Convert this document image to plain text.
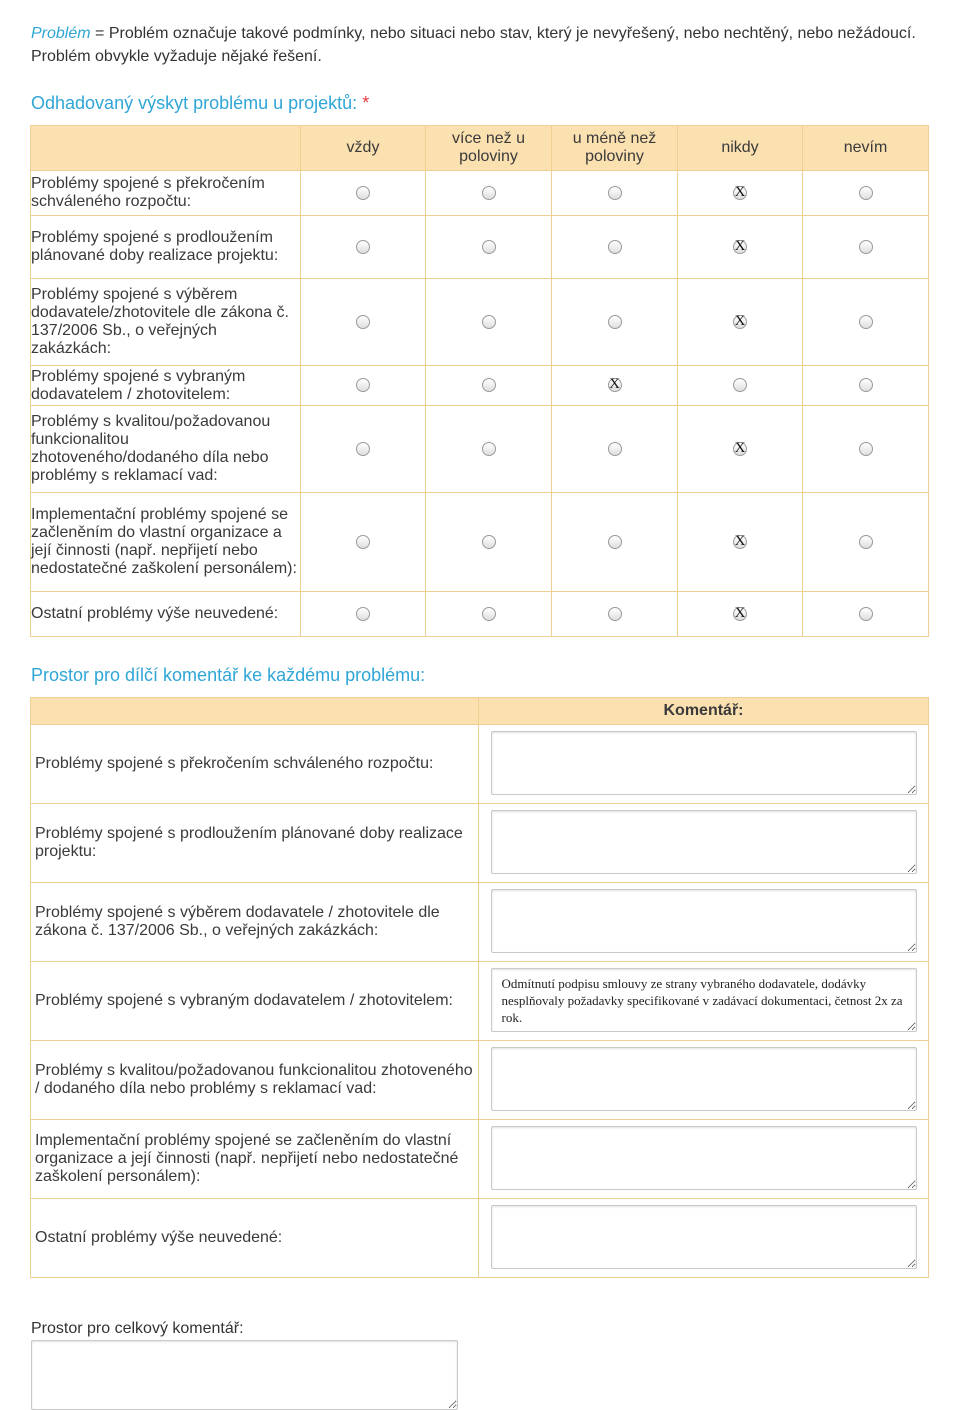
Problém = Problém označuje takové podmínky, nebo situaci nebo stav, který je nevyřešený, nebo nechtěný, nebo nežádoucí. Problém obvykle vyžaduje nějaké řešení.
Odhadovaný výskyt problému u projektů: *
	vždy	více než u poloviny	u méně než poloviny	nikdy	nevím
Problémy spojené s překročením schváleného rozpočtu:				X	
Problémy spojené s prodloužením plánované doby realizace projektu:				X	
Problémy spojené s výběrem dodavatele/zhotovitele dle zákona č. 137/2006 Sb., o veřejných zakázkách:				X	
Problémy spojené s vybraným dodavatelem / zhotovitelem:			X		
Problémy s kvalitou/požadovanou funkcionalitou zhotoveného/dodaného díla nebo problémy s reklamací vad:				X	
Implementační problémy spojené se začleněním do vlastní organizace a její činnosti (např. nepřijetí nebo nedostatečné zaškolení personálem):				X	
Ostatní problémy výše neuvedené:				X	
Prostor pro dílčí komentář ke každému problému:
	Komentář:
Problémy spojené s překročením schváleného rozpočtu:	

Problémy spojené s prodloužením plánované doby realizace projektu:	

Problémy spojené s výběrem dodavatele / zhotovitele dle zákona č. 137/2006 Sb., o veřejných zakázkách:	

Problémy spojené s vybraným dodavatelem / zhotovitelem:	
Odmítnutí podpisu smlouvy ze strany vybraného dodavatele, dodávky nesplňovaly požadavky specifikované v zadávací dokumentaci, četnost 2x za rok.
Problémy s kvalitou/požadovanou funkcionalitou zhotoveného / dodaného díla nebo problémy s reklamací vad:	

Implementační problémy spojené se začleněním do vlastní organizace a její činnosti (např. nepřijetí nebo nedostatečné zaškolení personálem):	

Ostatní problémy výše neuvedené:	
Prostor pro celkový komentář:
